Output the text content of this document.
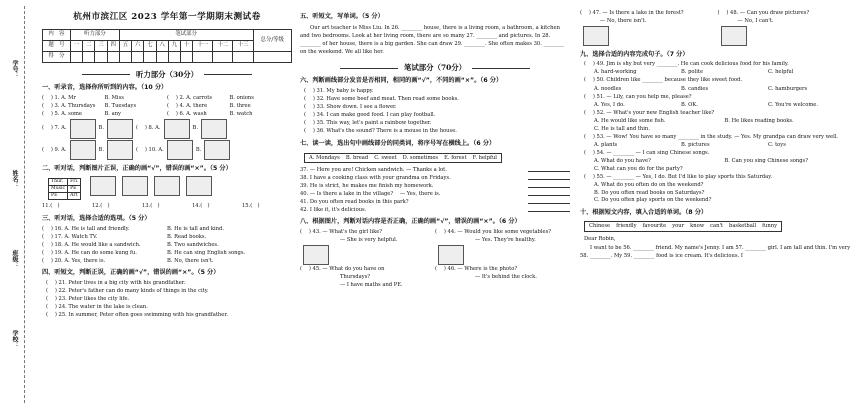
学号：
姓名：
班级：
学校：
杭州市滨江区 2023 学年第一学期期末测试卷
内　容	听力部分				笔试部分									总分/等级
题　号	一	二	三	四	五	六	七	八	九	十	十一	十二	十三	
得　分														
听力部分（30分）
一、听录音，选择你所听到的内容。（10 分）
( 　) 1. A. Mr	B. Miss	( 　) 2. A. carrots	B. onions
( 　) 3. A. Thursdays	B. Tuesdays	( 　) 4. A. there	B. three
( 　) 5. A. some	B. any	( 　) 6. A. wash	B. watch
( 　) 7. A.	B.	( 　) 8. A.	B.
( 　) 9. A.	B.	( 　) 10. A.	B.
二、听对话，判断图片正误，正确的画“√”，错误的画“×”。（5 分）
Thur.	Fri.
Music	PE
PE	Art
11.(　)	12.(　)	13.(　)	14.(　)	15.(　)
三、听对话，选择合适的选项。（5 分）
( 　) 16. A. He is tall and friendly.	B. He is tall and kind.
( 　) 17. A. Watch TV.	B. Read books.
( 　) 18. A. He would like a sandwich.	B. Two sandwiches.
( 　) 19. A. He can do some kung fu.	B. He can sing English songs.
( 　) 20. A. Yes, there is.	B. No, there isn't.
四、听短文，判断正误，正确的画“√”，错误的画“×”。（5 分）
( 　) 21. Peter lives in a big city with his grandfather.
( 　) 22. Peter's father can do many kinds of things in the city.
( 　) 23. Peter likes the city life.
( 　) 24. The water in the lake is clean.
( 　) 25. In summer, Peter often goes swimming with his grandfather.
五、听短文，写单词。（5 分）
Our art teacher is Miss Liu. In 26. ________ house, there is a living room, a bathroom, a kitchen and two bedrooms. Look at her living room, there are so many 27. ________ and pictures. In 28. ________ of her house, there is a big garden. She can draw 29. ________. She often makes 30. ________ on the weekend. We all like her.
笔试部分（70分）
六、判断画线部分发音是否相同，相同的画“√”，不同的画“×”。（6 分）
( 　) 31. My baby is happy.
( 　) 32. Have some beef and meat. Then read some books.
( 　) 33. Show down. I see a flower.
( 　) 34. I can make good food. I can play football.
( 　) 35. This way, let's paint a rainbow together.
( 　) 36. What's the sound? There is a mouse in the house.
七、读一读，选出句中画线部分的同类词，将序号写在横线上。（6 分）
A. Mondays B. bread C. sweet D. sometimes E. forest F. helpful
37. — Here you are! Chicken sandwich. — Thanks a lot.
38. I have a cooking class with your grandma on Fridays.
39. He is strict, he makes me finish my homework.
40. — Is there a lake in the village? 　— Yes, there is.
41. Do you often read books in this park?
42. I like it, it's delicious.
八、根据图片，判断对话内容是否正确，正确的画“√”，错误的画“×”。（6 分）
( 　) 43. — What's the girl like?	( 　) 44. — Would you like some vegetables?
— She is very helpful.	— Yes. They're healthy.
( 　) 45. — What do you have on	( 　) 46. — Where is the photo?
Thursdays?	— It's behind the clock.
— I have maths and PE.
( 　) 47. — Is there a lake in the forest?	( 　) 48. — Can you draw pictures?
— No, there isn't.	— No, I can't.
九、选择合适的内容完成句子。（7 分）
( 　) 49. Jim is shy but very ________. He can cook delicious food for his family.
A. hard-working	B. polite	C. helpful
( 　) 50. Children like ________ because they like sweet food.
A. noodles	B. candies	C. hamburgers
( 　) 51. — Lily, can you help me, please?
A. Yes, I do.	B. OK.	C. You're welcome.
( 　) 52. — What's your new English teacher like?
A. He would like some fish.	B. He likes reading books.
C. He is tall and thin.
( 　) 53. — Wow! You have so many ________ in the study. — Yes. My grandpa can draw very well.
A. plants	B. pictures	C. toys
( 　) 54. — ________ — I can sing Chinese songs.
A. What do you have?	B. Can you sing Chinese songs?
C. What can you do for the party?
( 　) 55. — ________ — Yes, I do. But I'd like to play sports this Saturday.
A. What do you often do on the weekend?
B. Do you often read books on Saturdays?
C. Do you often play sports on the weekend?
十、根据短文内容，填入合适的单词。（8 分）
Chinese friendly favourite your know can't basketball funny
Dear Robin,
I want to be 56. ________ friend. My name's Jenny. I am 57. ________ girl. I am tall and thin. I'm very 58. ________. My 59. ________ food is ice cream. It's delicious. I
